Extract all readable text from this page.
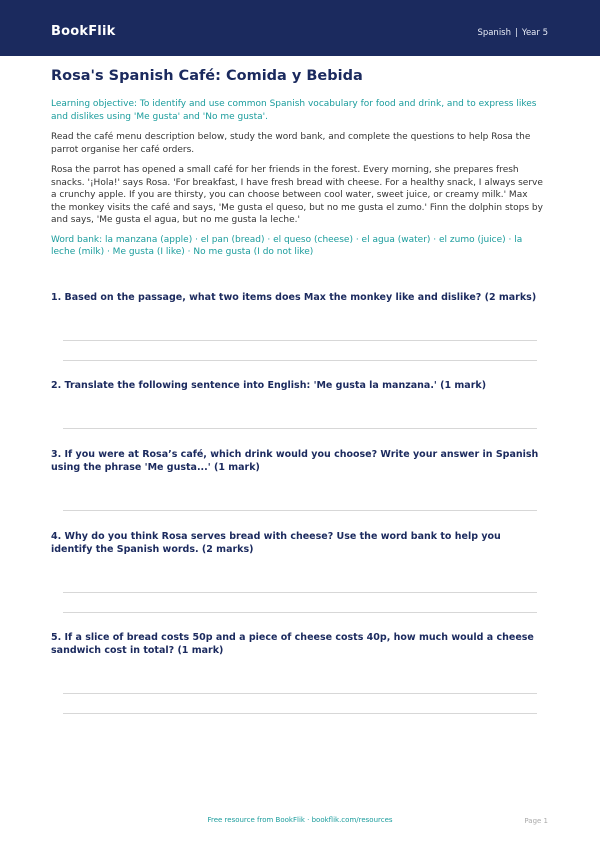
BookFlik	Spanish | Year 5
Rosa's Spanish Café: Comida y Bebida
Learning objective: To identify and use common Spanish vocabulary for food and drink, and to express likes and dislikes using 'Me gusta' and 'No me gusta'.
Read the café menu description below, study the word bank, and complete the questions to help Rosa the parrot organise her café orders.
Rosa the parrot has opened a small café for her friends in the forest. Every morning, she prepares fresh snacks. '¡Hola!' says Rosa. 'For breakfast, I have fresh bread with cheese. For a healthy snack, I always serve a crunchy apple. If you are thirsty, you can choose between cool water, sweet juice, or creamy milk.' Max the monkey visits the café and says, 'Me gusta el queso, but no me gusta el zumo.' Finn the dolphin stops by and says, 'Me gusta el agua, but no me gusta la leche.'
Word bank: la manzana (apple) · el pan (bread) · el queso (cheese) · el agua (water) · el zumo (juice) · la leche (milk) · Me gusta (I like) · No me gusta (I do not like)
1. Based on the passage, what two items does Max the monkey like and dislike? (2 marks)
2. Translate the following sentence into English: 'Me gusta la manzana.' (1 mark)
3. If you were at Rosa’s café, which drink would you choose? Write your answer in Spanish using the phrase 'Me gusta...' (1 mark)
4. Why do you think Rosa serves bread with cheese? Use the word bank to help you identify the Spanish words. (2 marks)
5. If a slice of bread costs 50p and a piece of cheese costs 40p, how much would a cheese sandwich cost in total? (1 mark)
Free resource from BookFlik · bookflik.com/resources	Page 1
